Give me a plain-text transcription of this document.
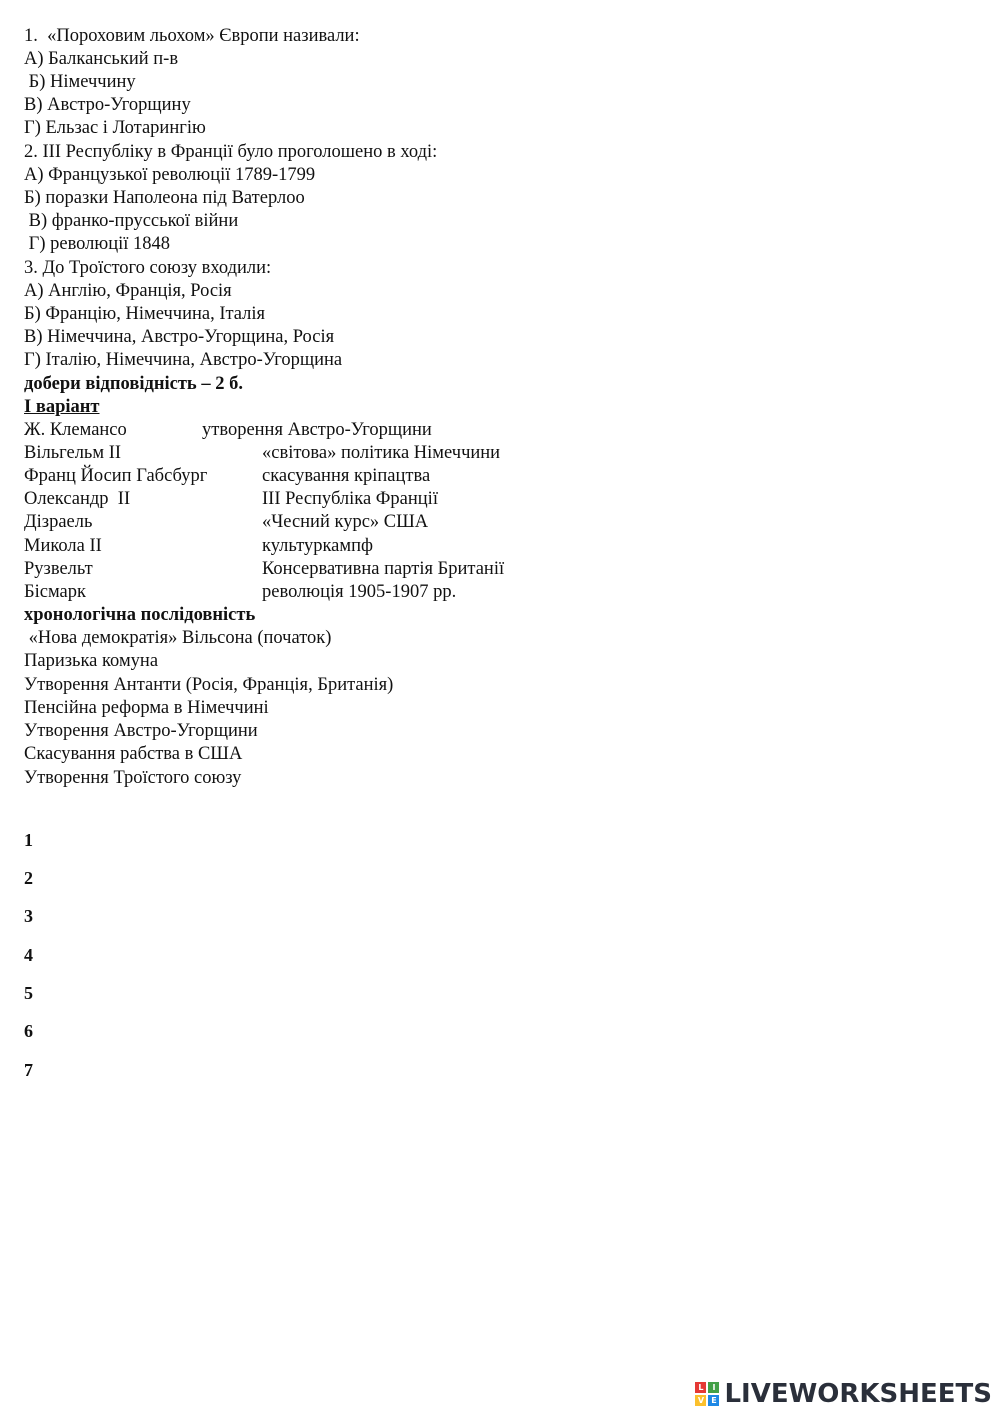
1.  «Пороховим льохом» Європи називали:
А) Балканський п-в
Б) Німеччину
В) Австро-Угорщину
Г) Ельзас і Лотарингію
2. ІІІ Республіку в Франції було проголошено в ході:
А) Французької революції 1789-1799
Б) поразки Наполеона під Ватерлоо
В) франко-прусської війни
Г) революції 1848
3. До Троїстого союзу входили:
А) Англію, Франція, Росія
Б) Францію, Німеччина, Італія
В) Німеччина, Австро-Угорщина, Росія
Г) Італію, Німеччина, Австро-Угорщина
добери відповідність – 2 б.
І варіант
Ж. Клемансо	утворення Австро-Угорщини
Вільгельм ІІ	«світова» політика Німеччини
Франц Йосип Габсбург	скасування кріпацтва
Олександр  ІІ	ІІІ Республіка Франції
Дізраель	«Чесний курс» США
Микола ІІ	культуркампф
Рузвельт	Консервативна партія Британії
Бісмарк	революція 1905-1907 рр.
хронологічна послідовність
«Нова демократія» Вільсона (початок)
Паризька комуна
Утворення Антанти (Росія, Франція, Британія)
Пенсійна реформа в Німеччині
Утворення Австро-Угорщини
Скасування рабства в США
Утворення Троїстого союзу
1
2
3
4
5
6
7
L	I
V E LIVEWORKSHEETS
